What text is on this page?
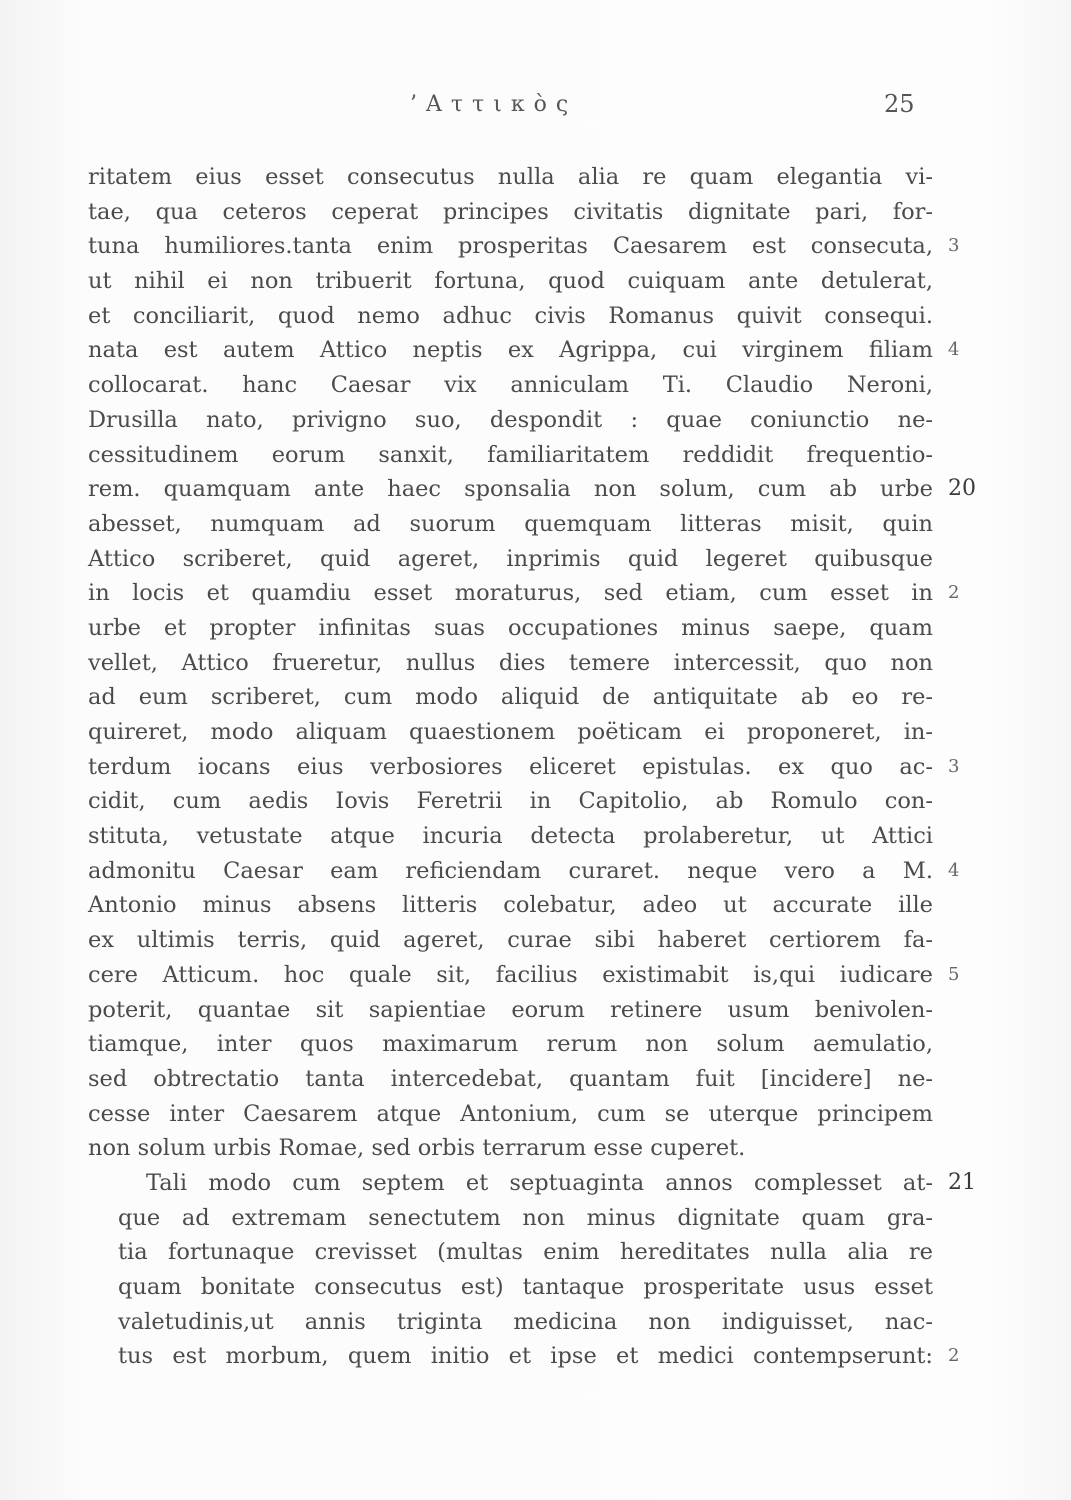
’Αττικὸς	25
ritatem eius esset consecutus nulla alia re quam elegantia vi-
tae, qua ceteros ceperat principes civitatis dignitate pari, for-
tuna humiliores.tanta enim prosperitas Caesarem est consecuta, 3
ut nihil ei non tribuerit fortuna, quod cuiquam ante detulerat,
et conciliarit, quod nemo adhuc civis Romanus quivit consequi.
nata est autem Attico neptis ex Agrippa, cui virginem filiam 4
collocarat. hanc Caesar vix anniculam Ti. Claudio Neroni,
Drusilla nato, privigno suo, despondit : quae coniunctio ne-
cessitudinem eorum sanxit, familiaritatem reddidit frequentio-
rem. quamquam ante haec sponsalia non solum, cum ab urbe 20
abesset, numquam ad suorum quemquam litteras misit, quin
Attico scriberet, quid ageret, inprimis quid legeret quibusque
in locis et quamdiu esset moraturus, sed etiam, cum esset in 2
urbe et propter infinitas suas occupationes minus saepe, quam
vellet, Attico frueretur, nullus dies temere intercessit, quo non
ad eum scriberet, cum modo aliquid de antiquitate ab eo re-
quireret, modo aliquam quaestionem poëticam ei proponeret, in-
terdum iocans eius verbosiores eliceret epistulas. ex quo ac- 3
cidit, cum aedis Iovis Feretrii in Capitolio, ab Romulo con-
stituta, vetustate atque incuria detecta prolaberetur, ut Attici
admonitu Caesar eam reficiendam curaret. neque vero a M. 4
Antonio minus absens litteris colebatur, adeo ut accurate ille
ex ultimis terris, quid ageret, curae sibi haberet certiorem fa-
cere Atticum. hoc quale sit, facilius existimabit is,qui iudicare 5
poterit, quantae sit sapientiae eorum retinere usum benivolen-
tiamque, inter quos maximarum rerum non solum aemulatio,
sed obtrectatio tanta intercedebat, quantam fuit [incidere] ne-
cesse inter Caesarem atque Antonium, cum se uterque principem
non solum urbis Romae, sed orbis terrarum esse cuperet.
Tali modo cum septem et septuaginta annos complesset at- 21
que ad extremam senectutem non minus dignitate quam gra-
tia fortunaque crevisset (multas enim hereditates nulla alia re
quam bonitate consecutus est) tantaque prosperitate usus esset
valetudinis,ut annis triginta medicina non indiguisset, nac-
tus est morbum, quem initio et ipse et medici contempserunt: 2
